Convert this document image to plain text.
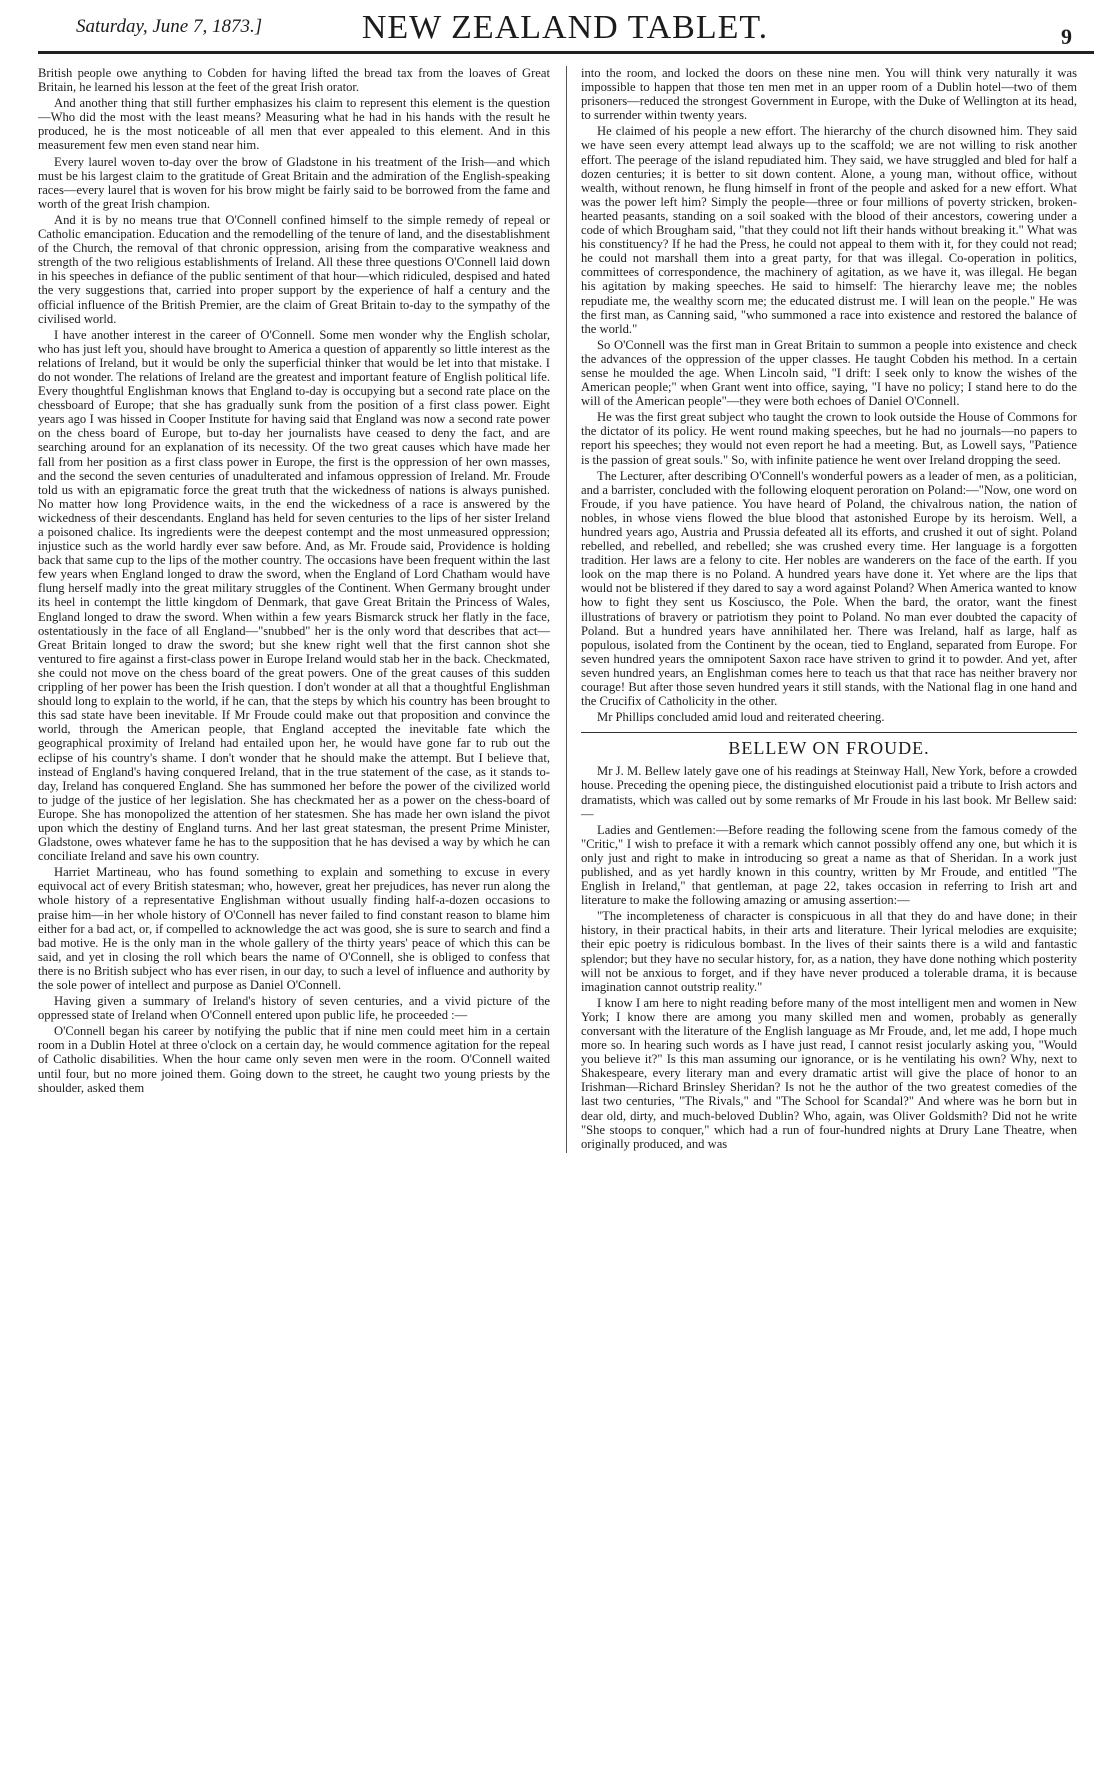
Saturday, June 7, 1873.]	NEW ZEALAND TABLET.	9

British people owe anything to Cobden for having lifted the bread tax from the loaves of Great Britain, he learned his lesson at the feet of the great Irish orator.

And another thing that still further emphasizes his claim to represent this element is the question—Who did the most with the least means? Measuring what he had in his hands with the result he produced, he is the most noticeable of all men that ever appealed to this element. And in this measurement few men even stand near him.

Every laurel woven to-day over the brow of Gladstone in his treatment of the Irish—and which must be his largest claim to the gratitude of Great Britain and the admiration of the English-speaking races—every laurel that is woven for his brow might be fairly said to be borrowed from the fame and worth of the great Irish champion.

And it is by no means true that O'Connell confined himself to the simple remedy of repeal or Catholic emancipation. Education and the remodelling of the tenure of land, and the disestablishment of the Church, the removal of that chronic oppression, arising from the comparative weakness and strength of the two religious establishments of Ireland. All these three questions O'Connell laid down in his speeches in defiance of the public sentiment of that hour—which ridiculed, despised and hated the very suggestions that, carried into proper support by the experience of half a century and the official influence of the British Premier, are the claim of Great Britain to-day to the sympathy of the civilised world.

I have another interest in the career of O'Connell. Some men wonder why the English scholar, who has just left you, should have brought to America a question of apparently so little interest as the relations of Ireland, but it would be only the superficial thinker that would be let into that mistake. I do not wonder. The relations of Ireland are the greatest and important feature of English political life. Every thoughtful Englishman knows that England to-day is occupying but a second rate place on the chessboard of Europe; that she has gradually sunk from the position of a first class power. Eight years ago I was hissed in Cooper Institute for having said that England was now a second rate power on the chess board of Europe, but to-day her journalists have ceased to deny the fact, and are searching around for an explanation of its necessity. Of the two great causes which have made her fall from her position as a first class power in Europe, the first is the oppression of her own masses, and the second the seven centuries of unadulterated and infamous oppression of Ireland. Mr. Froude told us with an epigramatic force the great truth that the wickedness of nations is always punished. No matter how long Providence waits, in the end the wickedness of a race is answered by the wickedness of their descendants. England has held for seven centuries to the lips of her sister Ireland a poisoned chalice. Its ingredients were the deepest contempt and the most unmeasured oppression; injustice such as the world hardly ever saw before. And, as Mr. Froude said, Providence is holding back that same cup to the lips of the mother country. The occasions have been frequent within the last few years when England longed to draw the sword, when the England of Lord Chatham would have flung herself madly into the great military struggles of the Continent. When Germany brought under its heel in contempt the little kingdom of Denmark, that gave Great Britain the Princess of Wales, England longed to draw the sword. When within a few years Bismarck struck her flatly in the face, ostentatiously in the face of all England—"snubbed" her is the only word that describes that act—Great Britain longed to draw the sword; but she knew right well that the first cannon shot she ventured to fire against a first-class power in Europe Ireland would stab her in the back. Checkmated, she could not move on the chess board of the great powers. One of the great causes of this sudden crippling of her power has been the Irish question. I don't wonder at all that a thoughtful Englishman should long to explain to the world, if he can, that the steps by which his country has been brought to this sad state have been inevitable. If Mr Froude could make out that proposition and convince the world, through the American people, that England accepted the inevitable fate which the geographical proximity of Ireland had entailed upon her, he would have gone far to rub out the eclipse of his country's shame. I don't wonder that he should make the attempt. But I believe that, instead of England's having conquered Ireland, that in the true statement of the case, as it stands to-day, Ireland has conquered England. She has summoned her before the power of the civilized world to judge of the justice of her legislation. She has checkmated her as a power on the chess-board of Europe. She has monopolized the attention of her statesmen. She has made her own island the pivot upon which the destiny of England turns. And her last great statesman, the present Prime Minister, Gladstone, owes whatever fame he has to the supposition that he has devised a way by which he can conciliate Ireland and save his own country.

Harriet Martineau, who has found something to explain and something to excuse in every equivocal act of every British statesman; who, however, great her prejudices, has never run along the whole history of a representative Englishman without usually finding half-a-dozen occasions to praise him—in her whole history of O'Connell has never failed to find constant reason to blame him either for a bad act, or, if compelled to acknowledge the act was good, she is sure to search and find a bad motive. He is the only man in the whole gallery of the thirty years' peace of which this can be said, and yet in closing the roll which bears the name of O'Connell, she is obliged to confess that there is no British subject who has ever risen, in our day, to such a level of influence and authority by the sole power of intellect and purpose as Daniel O'Connell.

Having given a summary of Ireland's history of seven centuries, and a vivid picture of the oppressed state of Ireland when O'Connell entered upon public life, he proceeded :—

O'Connell began his career by notifying the public that if nine men could meet him in a certain room in a Dublin Hotel at three o'clock on a certain day, he would commence agitation for the repeal of Catholic disabilities. When the hour came only seven men were in the room. O'Connell waited until four, but no more joined them. Going down to the street, he caught two young priests by the shoulder, asked them

into the room, and locked the doors on these nine men. You will think very naturally it was impossible to happen that those ten men met in an upper room of a Dublin hotel—two of them prisoners—reduced the strongest Government in Europe, with the Duke of Wellington at its head, to surrender within twenty years.

He claimed of his people a new effort. The hierarchy of the church disowned him. They said we have seen every attempt lead always up to the scaffold; we are not willing to risk another effort. The peerage of the island repudiated him. They said, we have struggled and bled for half a dozen centuries; it is better to sit down content. Alone, a young man, without office, without wealth, without renown, he flung himself in front of the people and asked for a new effort. What was the power left him? Simply the people—three or four millions of poverty stricken, broken-hearted peasants, standing on a soil soaked with the blood of their ancestors, cowering under a code of which Brougham said, "that they could not lift their hands without breaking it." What was his constituency? If he had the Press, he could not appeal to them with it, for they could not read; he could not marshall them into a great party, for that was illegal. Co-operation in politics, committees of correspondence, the machinery of agitation, as we have it, was illegal. He began his agitation by making speeches. He said to himself: The hierarchy leave me; the nobles repudiate me, the wealthy scorn me; the educated distrust me. I will lean on the people." He was the first man, as Canning said, "who summoned a race into existence and restored the balance of the world."

So O'Connell was the first man in Great Britain to summon a people into existence and check the advances of the oppression of the upper classes. He taught Cobden his method. In a certain sense he moulded the age. When Lincoln said, "I drift: I seek only to know the wishes of the American people;" when Grant went into office, saying, "I have no policy; I stand here to do the will of the American people"—they were both echoes of Daniel O'Connell.

He was the first great subject who taught the crown to look outside the House of Commons for the dictator of its policy. He went round making speeches, but he had no journals—no papers to report his speeches; they would not even report he had a meeting. But, as Lowell says, "Patience is the passion of great souls." So, with infinite patience he went over Ireland dropping the seed.

The Lecturer, after describing O'Connell's wonderful powers as a leader of men, as a politician, and a barrister, concluded with the following eloquent peroration on Poland:—"Now, one word on Froude, if you have patience. You have heard of Poland, the chivalrous nation, the nation of nobles, in whose viens flowed the blue blood that astonished Europe by its heroism. Well, a hundred years ago, Austria and Prussia defeated all its efforts, and crushed it out of sight. Poland rebelled, and rebelled, and rebelled; she was crushed every time. Her language is a forgotten tradition. Her laws are a felony to cite. Her nobles are wanderers on the face of the earth. If you look on the map there is no Poland. A hundred years have done it. Yet where are the lips that would not be blistered if they dared to say a word against Poland? When America wanted to know how to fight they sent us Kosciusco, the Pole. When the bard, the orator, want the finest illustrations of bravery or patriotism they point to Poland. No man ever doubted the capacity of Poland. But a hundred years have annihilated her. There was Ireland, half as large, half as populous, isolated from the Continent by the ocean, tied to England, separated from Europe. For seven hundred years the omnipotent Saxon race have striven to grind it to powder. And yet, after seven hundred years, an Englishman comes here to teach us that that race has neither bravery nor courage! But after those seven hundred years it still stands, with the National flag in one hand and the Crucifix of Catholicity in the other.

Mr Phillips concluded amid loud and reiterated cheering.

BELLEW ON FROUDE.

Mr J. M. Bellew lately gave one of his readings at Steinway Hall, New York, before a crowded house. Preceding the opening piece, the distinguished elocutionist paid a tribute to Irish actors and dramatists, which was called out by some remarks of Mr Froude in his last book. Mr Bellew said:—

Ladies and Gentlemen:—Before reading the following scene from the famous comedy of the "Critic," I wish to preface it with a remark which cannot possibly offend any one, but which it is only just and right to make in introducing so great a name as that of Sheridan. In a work just published, and as yet hardly known in this country, written by Mr Froude, and entitled "The English in Ireland," that gentleman, at page 22, takes occasion in referring to Irish art and literature to make the following amazing or amusing assertion:—

"The incompleteness of character is conspicuous in all that they do and have done; in their history, in their practical habits, in their arts and literature. Their lyrical melodies are exquisite; their epic poetry is ridiculous bombast. In the lives of their saints there is a wild and fantastic splendor; but they have no secular history, for, as a nation, they have done nothing which posterity will not be anxious to forget, and if they have never produced a tolerable drama, it is because imagination cannot outstrip reality."

I know I am here to night reading before many of the most intelligent men and women in New York; I know there are among you many skilled men and women, probably as generally conversant with the literature of the English language as Mr Froude, and, let me add, I hope much more so. In hearing such words as I have just read, I cannot resist jocularly asking you, "Would you believe it?" Is this man assuming our ignorance, or is he ventilating his own? Why, next to Shakespeare, every literary man and every dramatic artist will give the place of honor to an Irishman—Richard Brinsley Sheridan? Is not he the author of the two greatest comedies of the last two centuries, "The Rivals," and "The School for Scandal?" And where was he born but in dear old, dirty, and much-beloved Dublin? Who, again, was Oliver Goldsmith? Did not he write "She stoops to conquer," which had a run of four-hundred nights at Drury Lane Theatre, when originally produced, and was
